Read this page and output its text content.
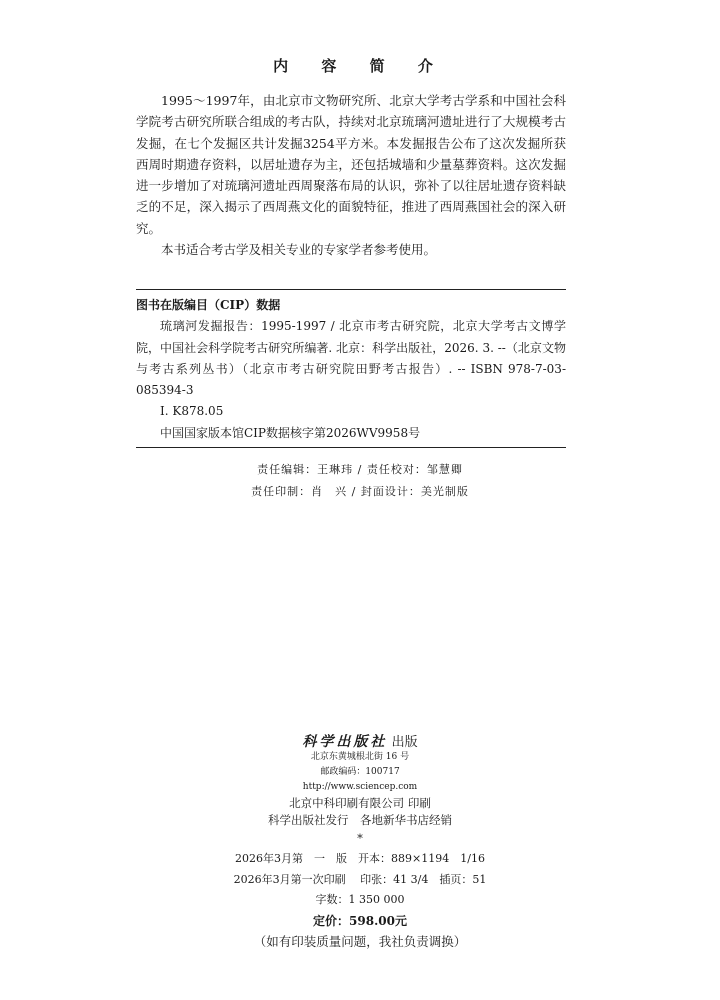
内 容 简 介

1995～1997年，由北京市文物研究所、北京大学考古学系和中国社会科学院考古研究所联合组成的考古队，持续对北京琉璃河遗址进行了大规模考古发掘，在七个发掘区共计发掘3254平方米。本发掘报告公布了这次发掘所获西周时期遗存资料，以居址遗存为主，还包括城墙和少量墓葬资料。这次发掘进一步增加了对琉璃河遗址西周聚落布局的认识，弥补了以往居址遗存资料缺乏的不足，深入揭示了西周燕文化的面貌特征，推进了西周燕国社会的深入研究。

本书适合考古学及相关专业的专家学者参考使用。

图书在版编目（CIP）数据

琉璃河发掘报告：1995-1997 / 北京市考古研究院，北京大学考古文博学院，中国社会科学院考古研究所编著. 北京：科学出版社，2026. 3. --（北京文物与考古系列丛书）（北京市考古研究院田野考古报告）. -- ISBN 978-7-03-085394-3

Ⅰ. K878.05

中国国家版本馆CIP数据核字第2026WV9958号

责任编辑：王琳玮 / 责任校对：邹慧卿
责任印制：肖　兴 / 封面设计：美光制版
科学出版社 出版
北京东黄城根北街 16 号
邮政编码：100717
http://www.sciencep.com
北京中科印刷有限公司 印刷
科学出版社发行　各地新华书店经销
*
2026年3月第　一　版　开本：889×1194　1/16
2026年3月第一次印刷　 印张：41 3/4　插页：51
字数：1 350 000
定价：598.00元
（如有印装质量问题，我社负责调换）
